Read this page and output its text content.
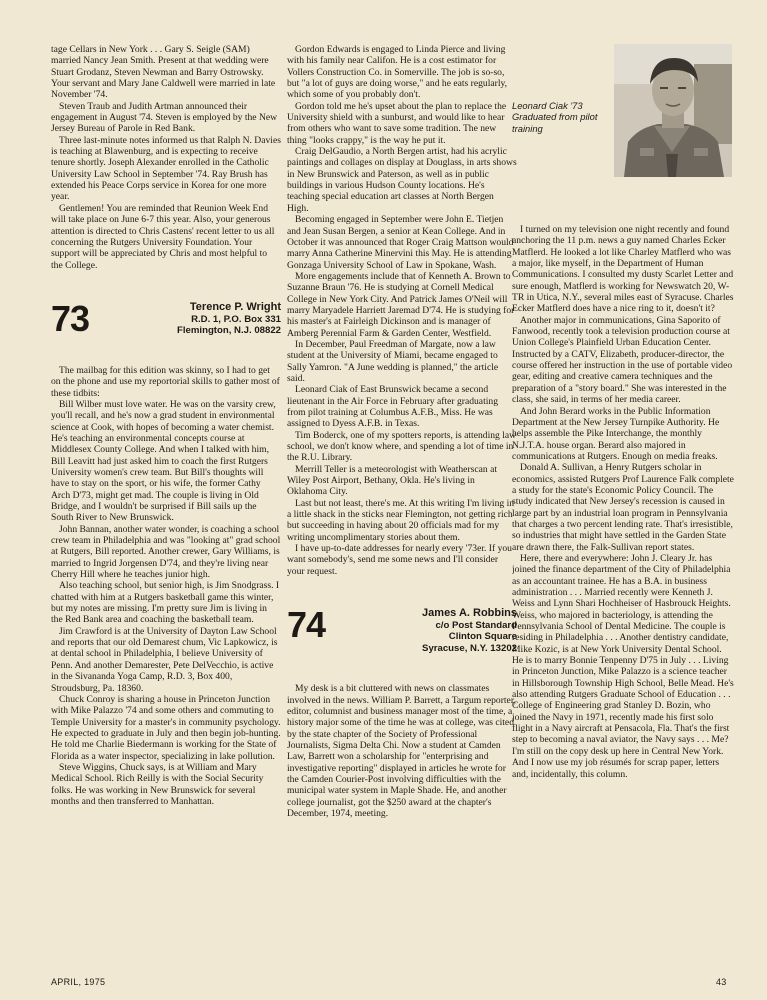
tage Cellars in New York . . . Gary S. Seigle (SAM) married Nancy Jean Smith. Present at that wedding were Stuart Grodanz, Steven Newman and Barry Ostrowsky. Your servant and Mary Jane Caldwell were married in late November '74.

Steven Traub and Judith Artman announced their engagement in August '74. Steven is employed by the New Jersey Bureau of Parole in Red Bank.

Three last-minute notes informed us that Ralph N. Davies is teaching at Blawenburg, and is expecting to receive tenure shortly. Joseph Alexander enrolled in the Catholic University Law School in September '74. Ray Brush has extended his Peace Corps service in Korea for one more year.

Gentlemen! You are reminded that Reunion Week End will take place on June 6-7 this year. Also, your generous attention is directed to Chris Castens' recent letter to us all concerning the Rutgers University Foundation. Your support will be appreciated by Chris and most helpful to the College.

73	Terence P. Wright
R.D. 1, P.O. Box 331
Flemington, N.J. 08822

The mailbag for this edition was skinny, so I had to get on the phone and use my reportorial skills to gather most of these tidbits:

Bill Wilber must love water. He was on the varsity crew, you'll recall, and he's now a grad student in environmental science at Cook, with hopes of becoming a water chemist. He's teaching an environmental concepts course at Middlesex County College. And when I talked with him, Bill Leavitt had just asked him to coach the first Rutgers University women's crew team. But Bill's thoughts will have to stay on the sport, or his wife, the former Cathy Arch D'73, might get mad. The couple is living in Old Bridge, and I wouldn't be surprised if Bill sails up the South River to New Brunswick.

John Bannan, another water wonder, is coaching a school crew team in Philadelphia and was "looking at" grad school at Rutgers, Bill reported. Another crewer, Gary Williams, is married to Ingrid Jorgensen D'74, and they're living near Cherry Hill where he teaches junior high.

Also teaching school, but senior high, is Jim Snodgrass. I chatted with him at a Rutgers basketball game this winter, but my notes are missing. I'm pretty sure Jim is living in the Red Bank area and coaching the basketball team.

Jim Crawford is at the University of Dayton Law School and reports that our old Demarest chum, Vic Lapkowicz, is at dental school in Philadelphia, I believe University of Penn. And another Demarester, Pete DelVecchio, is active in the Sivananda Yoga Camp, R.D. 3, Box 400, Stroudsburg, Pa. 18360.

Chuck Conroy is sharing a house in Princeton Junction with Mike Palazzo '74 and some others and commuting to Temple University for a master's in community psychology. He expected to graduate in July and then begin job-hunting. He told me Charlie Biedermann is working for the State of Florida as a water inspector, specializing in lake pollution.

Steve Wiggins, Chuck says, is at William and Mary Medical School. Rich Reilly is with the Social Security folks. He was working in New Brunswick for several months and then transferred to Manhattan.

Gordon Edwards is engaged to Linda Pierce and living with his family near Califon. He is a cost estimator for Vollers Construction Co. in Somerville. The job is so-so, but "a lot of guys are doing worse," and he eats regularly, which some of you probably don't.

Gordon told me he's upset about the plan to replace the University shield with a sunburst, and would like to hear from others who want to save some tradition. The new thing "looks crappy," is the way he put it.

Craig DelGaudio, a North Bergen artist, had his acrylic paintings and collages on display at Douglass, in arts shows in New Brunswick and Paterson, as well as in public buildings in various Hudson County locations. He's teaching special education art classes at North Bergen High.

Becoming engaged in September were John E. Tietjen and Jean Susan Bergen, a senior at Kean College. And in October it was announced that Roger Craig Mattson would marry Anna Catherine Minervini this May. He is attending Gonzaga University School of Law in Spokane, Wash.

More engagements include that of Kenneth A. Brown to Suzanne Braun '76. He is studying at Cornell Medical College in New York City. And Patrick James O'Neil will marry Maryadele Harriett Jaremad D'74. He is studying for his master's at Fairleigh Dickinson and is manager of Amberg Perennial Farm & Garden Center, Westfield.

In December, Paul Freedman of Margate, now a law student at the University of Miami, became engaged to Sally Yamron. "A June wedding is planned," the article said.

Leonard Ciak of East Brunswick became a second lieutenant in the Air Force in February after graduating from pilot training at Columbus A.F.B., Miss. He was assigned to Dyess A.F.B. in Texas.

Tim Boderck, one of my spotters reports, is attending law school, we don't know where, and spending a lot of time in the R.U. Library.

Merrill Teller is a meteorologist with Weatherscan at Wiley Post Airport, Bethany, Okla. He's living in Oklahoma City.

Last but not least, there's me. At this writing I'm living in a little shack in the sticks near Flemington, not getting rich but succeeding in having about 20 officials mad for my writing uncomplimentary stories about them.

I have up-to-date addresses for nearly every '73er. If you want somebody's, send me some news and I'll consider your request.

74	James A. Robbins
c/o Post Standard
Clinton Square
Syracuse, N.Y. 13202

My desk is a bit cluttered with news on classmates involved in the news. William P. Barrett, a Targum reporter, editor, columnist and business manager most of the time, a history major some of the time he was at college, was cited by the state chapter of the Society of Professional Journalists, Sigma Delta Chi. Now a student at Camden Law, Barrett won a scholarship for "enterprising and investigative reporting" displayed in articles he wrote for the Camden Courier-Post involving difficulties with the municipal water system in Maple Shade. He, and another college journalist, got the $250 award at the chapter's December, 1974, meeting.

Leonard Ciak '73 Graduated from pilot training

I turned on my television one night recently and found anchoring the 11 p.m. news a guy named Charles Ecker Matflerd. He looked a lot like Charley Matflerd who was a major, like myself, in the Department of Human Communications. I consulted my dusty Scarlet Letter and sure enough, Matflerd is working for Newswatch 20, W-TR in Utica, N.Y., several miles east of Syracuse. Charles Ecker Matflerd does have a nice ring to it, doesn't it?

Another major in communications, Gina Saporito of Fanwood, recently took a television production course at Union College's Plainfield Urban Education Center. Instructed by a CATV, Elizabeth, producer-director, the course offered her instruction in the use of portable video gear, editing and creative camera techniques and the preparation of a "story board." She was interested in the class, she said, in terms of her media career.

And John Berard works in the Public Information Department at the New Jersey Turnpike Authority. He helps assemble the Pike Interchange, the monthly N.J.T.A. house organ. Berard also majored in communications at Rutgers. Enough on media freaks.

Donald A. Sullivan, a Henry Rutgers scholar in economics, assisted Rutgers Prof Laurence Falk complete a study for the state's Economic Policy Council. The study indicated that New Jersey's recession is caused in large part by an industrial loan program in Pennsylvania that charges a two percent lending rate. That's irresistible, so industries that might have settled in the Garden State are drawn there, the Falk-Sullivan report states.

Here, there and everywhere: John J. Cleary Jr. has joined the finance department of the City of Philadelphia as an accountant trainee. He has a B.A. in business administration . . . Married recently were Kenneth J. Weiss and Lynn Shari Hochheiser of Hasbrouck Heights. Weiss, who majored in bacteriology, is attending the Pennsylvania School of Dental Medicine. The couple is residing in Philadelphia . . . Another dentistry candidate, Mike Kozic, is at New York University Dental School. He is to marry Bonnie Tenpenny D'75 in July . . . Living in Princeton Junction, Mike Palazzo is a science teacher in Hillsborough Township High School, Belle Mead. He's also attending Rutgers Graduate School of Education . . . College of Engineering grad Stanley D. Bozin, who joined the Navy in 1971, recently made his first solo flight in a Navy aircraft at Pensacola, Fla. That's the first step to becoming a naval aviator, the Navy says . . . Me? I'm still on the copy desk up here in Central New York. And I now use my job résumés for scrap paper, letters and, incidentally, this column.

APRIL, 1975	43
